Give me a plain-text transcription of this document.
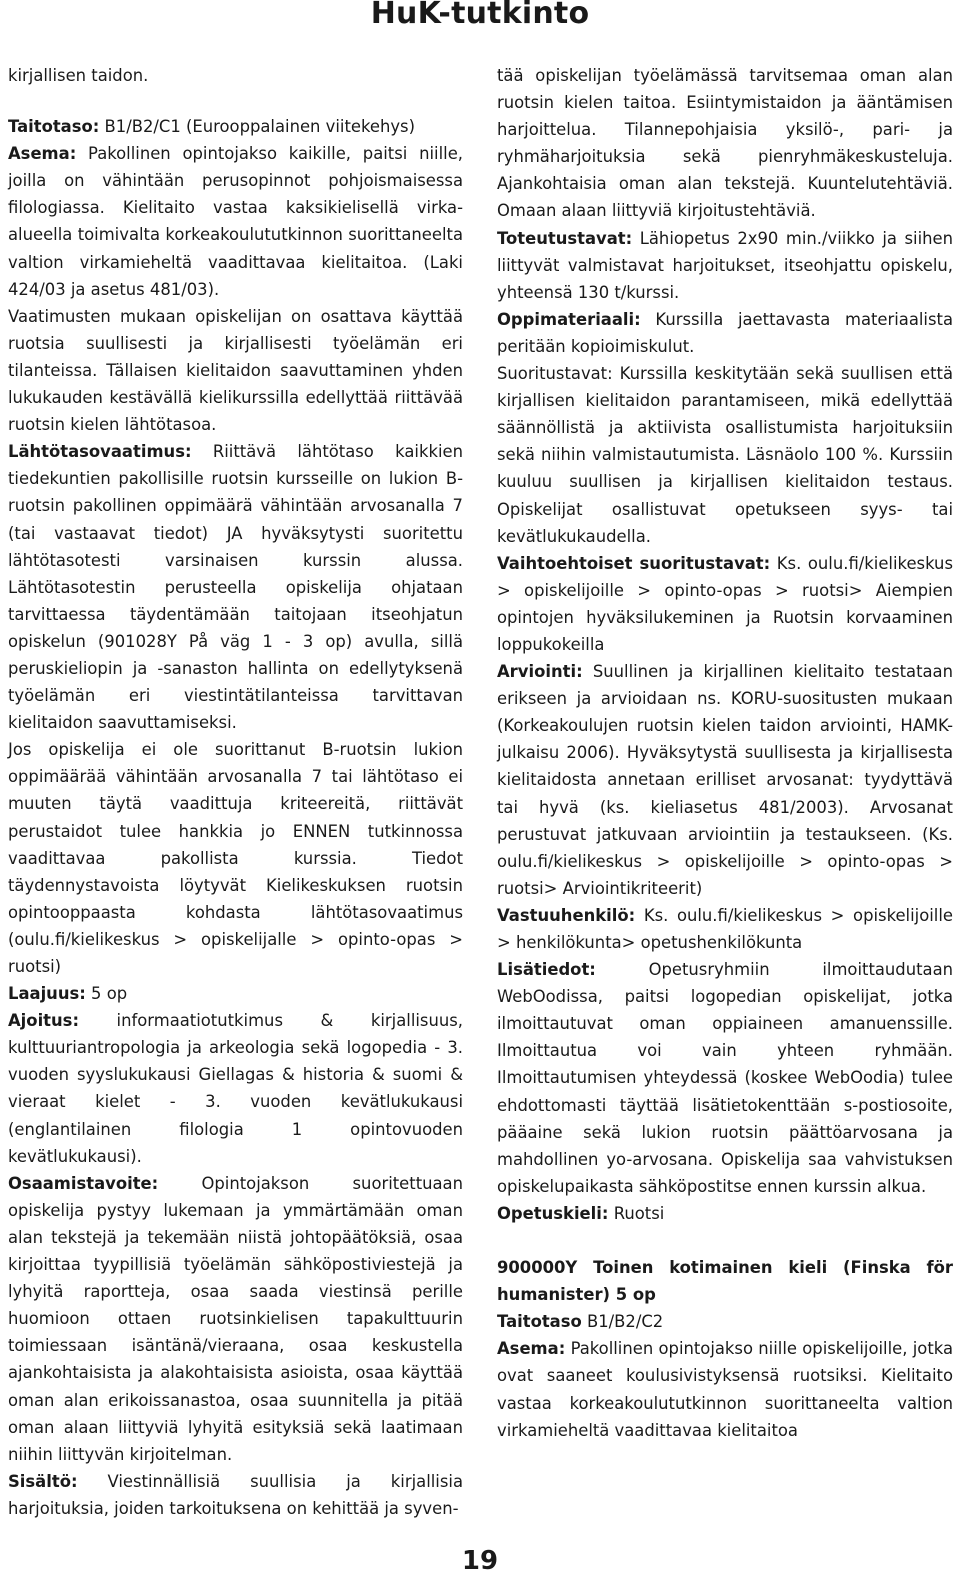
HuK-tutkinto

kirjallisen taidon.

Taitotaso: B1/B2/C1 (Eurooppalainen viitekehys)

Asema: Pakollinen opintojakso kaikille, paitsi niille, joilla on vähintään perusopinnot pohjoismaisessa filologiassa. Kielitaito vastaa kaksikielisellä virka-alueella toimivalta korkeakoulututkinnon suorittaneelta valtion virkamieheltä vaadittavaa kielitaitoa. (Laki 424/03 ja asetus 481/03).

Vaatimusten mukaan opiskelijan on osattava käyttää ruotsia suullisesti ja kirjallisesti työelämän eri tilanteissa. Tällaisen kielitaidon saavuttaminen yhden lukukauden kestävällä kielikurssilla edellyttää riittävää ruotsin kielen lähtötasoa.

Lähtötasovaatimus: Riittävä lähtötaso kaikkien tiedekuntien pakollisille ruotsin kursseille on lukion B-ruotsin pakollinen oppimäärä vähintään arvosanalla 7 (tai vastaavat tiedot) JA hyväksytysti suoritettu lähtötasotesti varsinaisen kurssin alussa. Lähtötasotestin perusteella opiskelija ohjataan tarvittaessa täydentämään taitojaan itseohjatun opiskelun (901028Y På väg 1 - 3 op) avulla, sillä peruskieliopin ja -sanaston hallinta on edellytyksenä työelämän eri viestintätilanteissa tarvittavan kielitaidon saavuttamiseksi.

Jos opiskelija ei ole suorittanut B-ruotsin lukion oppimäärää vähintään arvosanalla 7 tai lähtötaso ei muuten täytä vaadittuja kriteereitä, riittävät perustaidot tulee hankkia jo ENNEN tutkinnossa vaadittavaa pakollista kurssia. Tiedot täydennystavoista löytyvät Kielikeskuksen ruotsin opintooppaasta kohdasta lähtötasovaatimus (oulu.fi/kielikeskus > opiskelijalle > opinto-opas > ruotsi)

Laajuus: 5 op

Ajoitus: informaatiotutkimus & kirjallisuus, kulttuuriantropologia ja arkeologia sekä logopedia - 3. vuoden syyslukukausi Giellagas & historia & suomi & vieraat kielet - 3. vuoden kevätlukukausi (englantilainen filologia 1 opintovuoden kevätlukukausi).

Osaamistavoite: Opintojakson suoritettuaan opiskelija pystyy lukemaan ja ymmärtämään oman alan tekstejä ja tekemään niistä johtopäätöksiä, osaa kirjoittaa tyypillisiä työelämän sähköpostiviestejä ja lyhyitä raportteja, osaa saada viestinsä perille huomioon ottaen ruotsinkielisen tapakulttuurin toimiessaan isäntänä/vieraana, osaa keskustella ajankohtaisista ja alakohtaisista asioista, osaa käyttää oman alan erikoissanastoa, osaa suunnitella ja pitää oman alaan liittyviä lyhyitä esityksiä sekä laatimaan niihin liittyvän kirjoitelman.

Sisältö: Viestinnällisiä suullisia ja kirjallisia harjoituksia, joiden tarkoituksena on kehittää ja syven-

tää opiskelijan työelämässä tarvitsemaa oman alan ruotsin kielen taitoa. Esiintymistaidon ja ääntämisen harjoittelua. Tilannepohjaisia yksilö-, pari- ja ryhmäharjoituksia sekä pienryhmäkeskusteluja. Ajankohtaisia oman alan tekstejä. Kuuntelutehtäviä. Omaan alaan liittyviä kirjoitustehtäviä.

Toteutustavat: Lähiopetus 2x90 min./viikko ja siihen liittyvät valmistavat harjoitukset, itseohjattu opiskelu, yhteensä 130 t/kurssi.

Oppimateriaali: Kurssilla jaettavasta materiaalista peritään kopioimiskulut.

Suoritustavat: Kurssilla keskitytään sekä suullisen että kirjallisen kielitaidon parantamiseen, mikä edellyttää säännöllistä ja aktiivista osallistumista harjoituksiin sekä niihin valmistautumista. Läsnäolo 100 %. Kurssiin kuuluu suullisen ja kirjallisen kielitaidon testaus. Opiskelijat osallistuvat opetukseen syys- tai kevätlukukaudella.

Vaihtoehtoiset suoritustavat: Ks. oulu.fi/kielikeskus > opiskelijoille > opinto-opas > ruotsi> Aiempien opintojen hyväksilukeminen ja Ruotsin korvaaminen loppukokeilla

Arviointi: Suullinen ja kirjallinen kielitaito testataan erikseen ja arvioidaan ns. KORU-suositusten mukaan (Korkeakoulujen ruotsin kielen taidon arviointi, HAMK-julkaisu 2006). Hyväksytystä suullisesta ja kirjallisesta kielitaidosta annetaan erilliset arvosanat: tyydyttävä tai hyvä (ks. kieliasetus 481/2003). Arvosanat perustuvat jatkuvaan arviointiin ja testaukseen. (Ks. oulu.fi/kielikeskus > opiskelijoille > opinto-opas > ruotsi> Arviointikriteerit)

Vastuuhenkilö: Ks. oulu.fi/kielikeskus > opiskelijoille > henkilökunta> opetushenkilökunta

Lisätiedot: Opetusryhmiin ilmoittaudutaan WebOodissa, paitsi logopedian opiskelijat, jotka ilmoittautuvat oman oppiaineen amanuenssille. Ilmoittautua voi vain yhteen ryhmään. Ilmoittautumisen yhteydessä (koskee WebOodia) tulee ehdottomasti täyttää lisätietokenttään s-postiosoite, pääaine sekä lukion ruotsin päättöarvosana ja mahdollinen yo-arvosana. Opiskelija saa vahvistuksen opiskelupaikasta sähköpostitse ennen kurssin alkua.

Opetuskieli: Ruotsi

900000Y Toinen kotimainen kieli (Finska för humanister) 5 op

Taitotaso B1/B2/C2

Asema: Pakollinen opintojakso niille opiskelijoille, jotka ovat saaneet koulusivistyksensä ruotsiksi. Kielitaito vastaa korkeakoulututkinnon suorittaneelta valtion virkamieheltä vaadittavaa kielitaitoa

19
